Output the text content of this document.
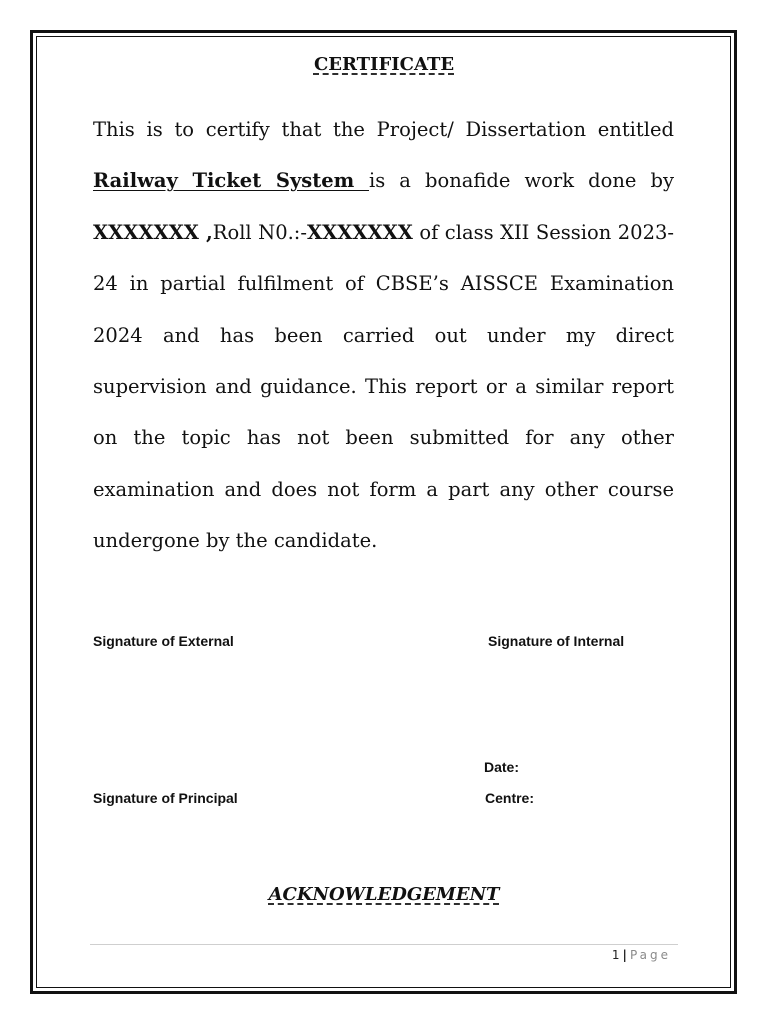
CERTIFICATE

This is to certify that the Project/ Dissertation entitled Railway Ticket System is a bonafide work done by XXXXXXX ,Roll N0.:-XXXXXXX of class XII Session 2023-24 in partial fulfilment of CBSE’s AISSCE Examination 2024 and has been carried out under my direct supervision and guidance. This report or a similar report on the topic has not been submitted for any other examination and does not form a part any other course undergone by the candidate.

Signature of External	Signature of Internal
Date:
Signature of Principal	Centre:
ACKNOWLEDGEMENT
1 | Page
